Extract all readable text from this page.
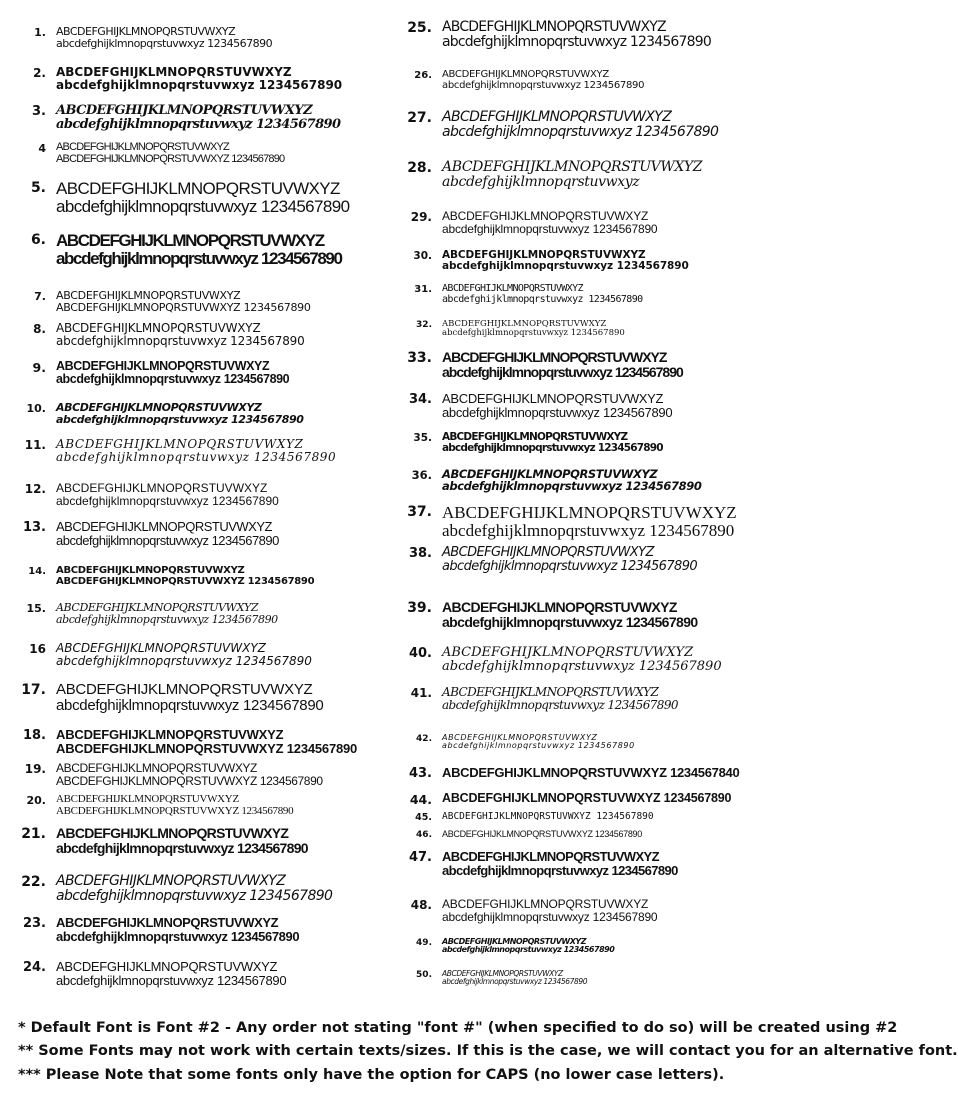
1. ABCDEFGHIJKLMNOPQRSTUVWXYZ
abcdefghijklmnopqrstuvwxyz 1234567890
2. ABCDEFGHIJKLMNOPQRSTUVWXYZ
abcdefghijklmnopqrstuvwxyz 1234567890
3. ABCDEFGHIJKLMNOPQRSTUVWXYZ
abcdefghijklmnopqrstuvwxyz 1234567890
4 ABCDEFGHIJKLMNOPQRSTUVWXYZ
ABCDEFGHIJKLMNOPQRSTUVWXYZ 1234567890
5. ABCDEFGHIJKLMNOPQRSTUVWXYZ
abcdefghijklmnopqrstuvwxyz 1234567890
6. ABCDEFGHIJKLMNOPQRSTUVWXYZ
abcdefghijklmnopqrstuvwxyz 1234567890
7. ABCDEFGHIJKLMNOPQRSTUVWXYZ
ABCDEFGHIJKLMNOPQRSTUVWXYZ 1234567890
8. ABCDEFGHIJKLMNOPQRSTUVWXYZ
abcdefghijklmnopqrstuvwxyz 1234567890
9. ABCDEFGHIJKLMNOPQRSTUVWXYZ
abcdefghijklmnopqrstuvwxyz 1234567890
10. ABCDEFGHIJKLMNOPQRSTUVWXYZ
abcdefghijklmnopqrstuvwxyz 1234567890
11. ABCDEFGHIJKLMNOPQRSTUVWXYZ
abcdefghijklmnopqrstuvwxyz 1234567890
12. ABCDEFGHIJKLMNOPQRSTUVWXYZ
abcdefghijklmnopqrstuvwxyz 1234567890
13. ABCDEFGHIJKLMNOPQRSTUVWXYZ
abcdefghijklmnopqrstuvwxyz 1234567890
14. ABCDEFGHIJKLMNOPQRSTUVWXYZ
ABCDEFGHIJKLMNOPQRSTUVWXYZ 1234567890
15. ABCDEFGHIJKLMNOPQRSTUVWXYZ
abcdefghijklmnopqrstuvwxyz 1234567890
16 ABCDEFGHIJKLMNOPQRSTUVWXYZ
abcdefghijklmnopqrstuvwxyz 1234567890
17. ABCDEFGHIJKLMNOPQRSTUVWXYZ
abcdefghijklmnopqrstuvwxyz 1234567890
18. ABCDEFGHIJKLMNOPQRSTUVWXYZ
ABCDEFGHIJKLMNOPQRSTUVWXYZ 1234567890
19. ABCDEFGHIJKLMNOPQRSTUVWXYZ
ABCDEFGHIJKLMNOPQRSTUVWXYZ 1234567890
20. ABCDEFGHIJKLMNOPQRSTUVWXYZ
ABCDEFGHIJKLMNOPQRSTUVWXYZ 1234567890
21. ABCDEFGHIJKLMNOPQRSTUVWXYZ
abcdefghijklmnopqrstuvwxyz 1234567890
22. ABCDEFGHIJKLMNOPQRSTUVWXYZ
abcdefghijklmnopqrstuvwxyz 1234567890
23. ABCDEFGHIJKLMNOPQRSTUVWXYZ
abcdefghijklmnopqrstuvwxyz 1234567890
24. ABCDEFGHIJKLMNOPQRSTUVWXYZ
abcdefghijklmnopqrstuvwxyz 1234567890
25. ABCDEFGHIJKLMNOPQRSTUVWXYZ
abcdefghijklmnopqrstuvwxyz 1234567890
26. ABCDEFGHIJKLMNOPQRSTUVWXYZ
abcdefghijklmnopqrstuvwxyz 1234567890
27. ABCDEFGHIJKLMNOPQRSTUVWXYZ
abcdefghijklmnopqrstuvwxyz 1234567890
28. ABCDEFGHIJKLMNOPQRSTUVWXYZ
abcdefghijklmnopqrstuvwxyz
29. ABCDEFGHIJKLMNOPQRSTUVWXYZ
abcdefghijklmnopqrstuvwxyz 1234567890
30. ABCDEFGHIJKLMNOPQRSTUVWXYZ
abcdefghijklmnopqrstuvwxyz 1234567890
31. ABCDEFGHIJKLMNOPQRSTUVWXYZ
abcdefghijklmnopqrstuvwxyz 1234567890
32. ABCDEFGHIJKLMNOPQRSTUVWXYZ
abcdefghijklmnopqrstuvwxyz 1234567890
33. ABCDEFGHIJKLMNOPQRSTUVWXYZ
abcdefghijklmnopqrstuvwxyz 1234567890
34. ABCDEFGHIJKLMNOPQRSTUVWXYZ
abcdefghijklmnopqrstuvwxyz 1234567890
35. ABCDEFGHIJKLMNOPQRSTUVWXYZ
abcdefghijklmnopqrstuvwxyz 1234567890
36. ABCDEFGHIJKLMNOPQRSTUVWXYZ
abcdefghijklmnopqrstuvwxyz 1234567890
37. ABCDEFGHIJKLMNOPQRSTUVWXYZ
abcdefghijklmnopqrstuvwxyz 1234567890
38. ABCDEFGHIJKLMNOPQRSTUVWXYZ
abcdefghijklmnopqrstuvwxyz 1234567890
39. ABCDEFGHIJKLMNOPQRSTUVWXYZ
abcdefghijklmnopqrstuvwxyz 1234567890
40. ABCDEFGHIJKLMNOPQRSTUVWXYZ
abcdefghijklmnopqrstuvwxyz 1234567890
41. ABCDEFGHIJKLMNOPQRSTUVWXYZ
abcdefghijklmnopqrstuvwxyz 1234567890
42. ABCDEFGHIJKLMNOPQRSTUVWXYZ
abcdefghijklmnopqrstuvwxyz 1234567890
43. ABCDEFGHIJKLMNOPQRSTUVWXYZ 1234567840
44. ABCDEFGHIJKLMNOPQRSTUVWXYZ 1234567890
45. ABCDEFGHIJKLMNOPQRSTUVWXYZ 1234567890
46. ABCDEFGHIJKLMNOPQRSTUVWXYZ 1234567890
47. ABCDEFGHIJKLMNOPQRSTUVWXYZ
abcdefghijklmnopqrstuvwxyz 1234567890
48. ABCDEFGHIJKLMNOPQRSTUVWXYZ
abcdefghijklmnopqrstuvwxyz 1234567890
49. ABCDEFGHIJKLMNOPQRSTUVWXYZ
abcdefghijklmnopqrstuvwxyz 1234567890
50. ABCDEFGHIJKLMNOPQRSTUVWXYZ
abcdefghijklmnopqrstuvwxyz 1234567890
* Default Font is Font #2 - Any order not stating "font #" (when specified to do so) will be created using #2
** Some Fonts may not work with certain texts/sizes. If this is the case, we will contact you for an alternative font.
*** Please Note that some fonts only have the option for CAPS (no lower case letters).
